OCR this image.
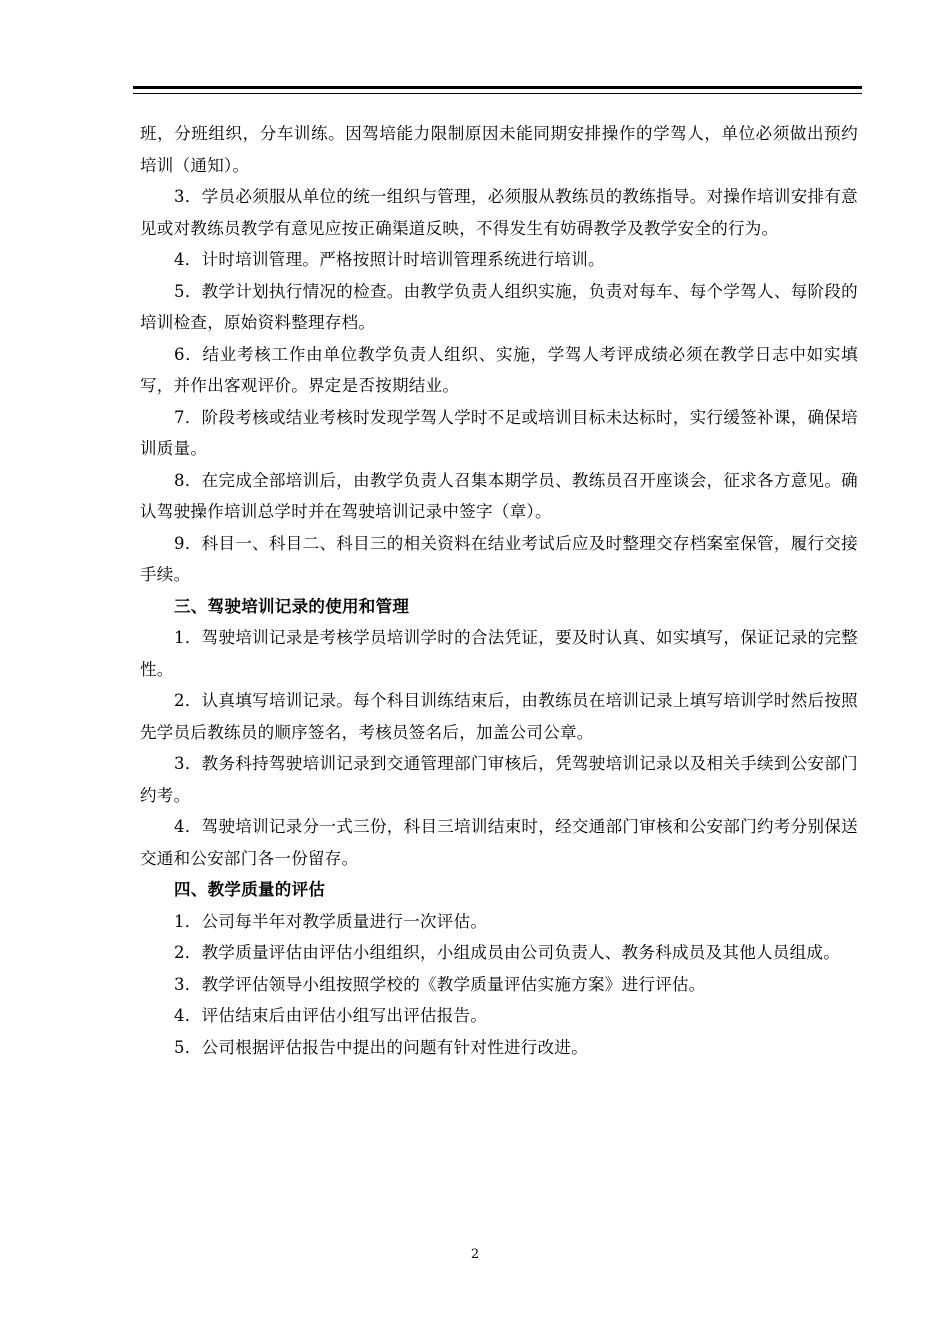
班，分班组织，分车训练。因驾培能力限制原因未能同期安排操作的学驾人，单位必须做出预约培训（通知）。

3．学员必须服从单位的统一组织与管理，必须服从教练员的教练指导。对操作培训安排有意见或对教练员教学有意见应按正确渠道反映，不得发生有妨碍教学及教学安全的行为。

4．计时培训管理。严格按照计时培训管理系统进行培训。

5．教学计划执行情况的检查。由教学负责人组织实施，负责对每车、每个学驾人、每阶段的培训检查，原始资料整理存档。

6．结业考核工作由单位教学负责人组织、实施，学驾人考评成绩必须在教学日志中如实填写，并作出客观评价。界定是否按期结业。

7．阶段考核或结业考核时发现学驾人学时不足或培训目标未达标时，实行缓签补课，确保培训质量。

8．在完成全部培训后，由教学负责人召集本期学员、教练员召开座谈会，征求各方意见。确认驾驶操作培训总学时并在驾驶培训记录中签字（章）。

9．科目一、科目二、科目三的相关资料在结业考试后应及时整理交存档案室保管，履行交接手续。

三、驾驶培训记录的使用和管理

1．驾驶培训记录是考核学员培训学时的合法凭证，要及时认真、如实填写，保证记录的完整性。

2．认真填写培训记录。每个科目训练结束后，由教练员在培训记录上填写培训学时然后按照先学员后教练员的顺序签名，考核员签名后，加盖公司公章。

3．教务科持驾驶培训记录到交通管理部门审核后，凭驾驶培训记录以及相关手续到公安部门约考。

4．驾驶培训记录分一式三份，科目三培训结束时，经交通部门审核和公安部门约考分别保送交通和公安部门各一份留存。

四、教学质量的评估

1．公司每半年对教学质量进行一次评估。

2．教学质量评估由评估小组组织，小组成员由公司负责人、教务科成员及其他人员组成。

3．教学评估领导小组按照学校的《教学质量评估实施方案》进行评估。

4．评估结束后由评估小组写出评估报告。

5．公司根据评估报告中提出的问题有针对性进行改进。

2
